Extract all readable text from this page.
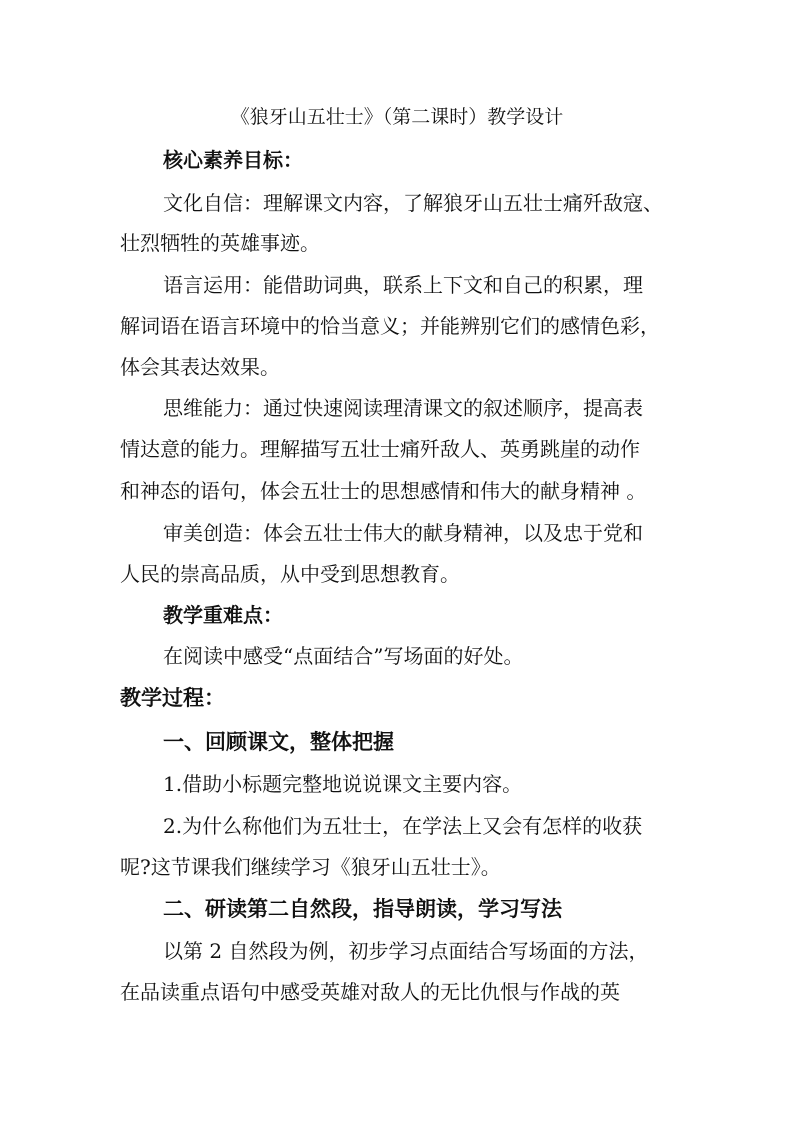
《狼牙山五壮士》（第二课时）教学设计
核心素养目标：
文化自信：理解课文内容，了解狼牙山五壮士痛歼敌寇、
壮烈牺牲的英雄事迹。
语言运用：能借助词典，联系上下文和自己的积累，理
解词语在语言环境中的恰当意义；并能辨别它们的感情色彩，
体会其表达效果。
思维能力：通过快速阅读理清课文的叙述顺序，提高表
情达意的能力。理解描写五壮士痛歼敌人、英勇跳崖的动作
和神态的语句，体会五壮士的思想感情和伟大的献身精神 。
审美创造：体会五壮士伟大的献身精神，以及忠于党和
人民的崇高品质，从中受到思想教育。
教学重难点：
在阅读中感受“点面结合”写场面的好处。
教学过程：
一、回顾课文，整体把握
1.借助小标题完整地说说课文主要内容。
2.为什么称他们为五壮士，在学法上又会有怎样的收获
呢?这节课我们继续学习《狼牙山五壮士》。
二、研读第二自然段，指导朗读，学习写法
以第 2 自然段为例，初步学习点面结合写场面的方法，
在品读重点语句中感受英雄对敌人的无比仇恨与作战的英
